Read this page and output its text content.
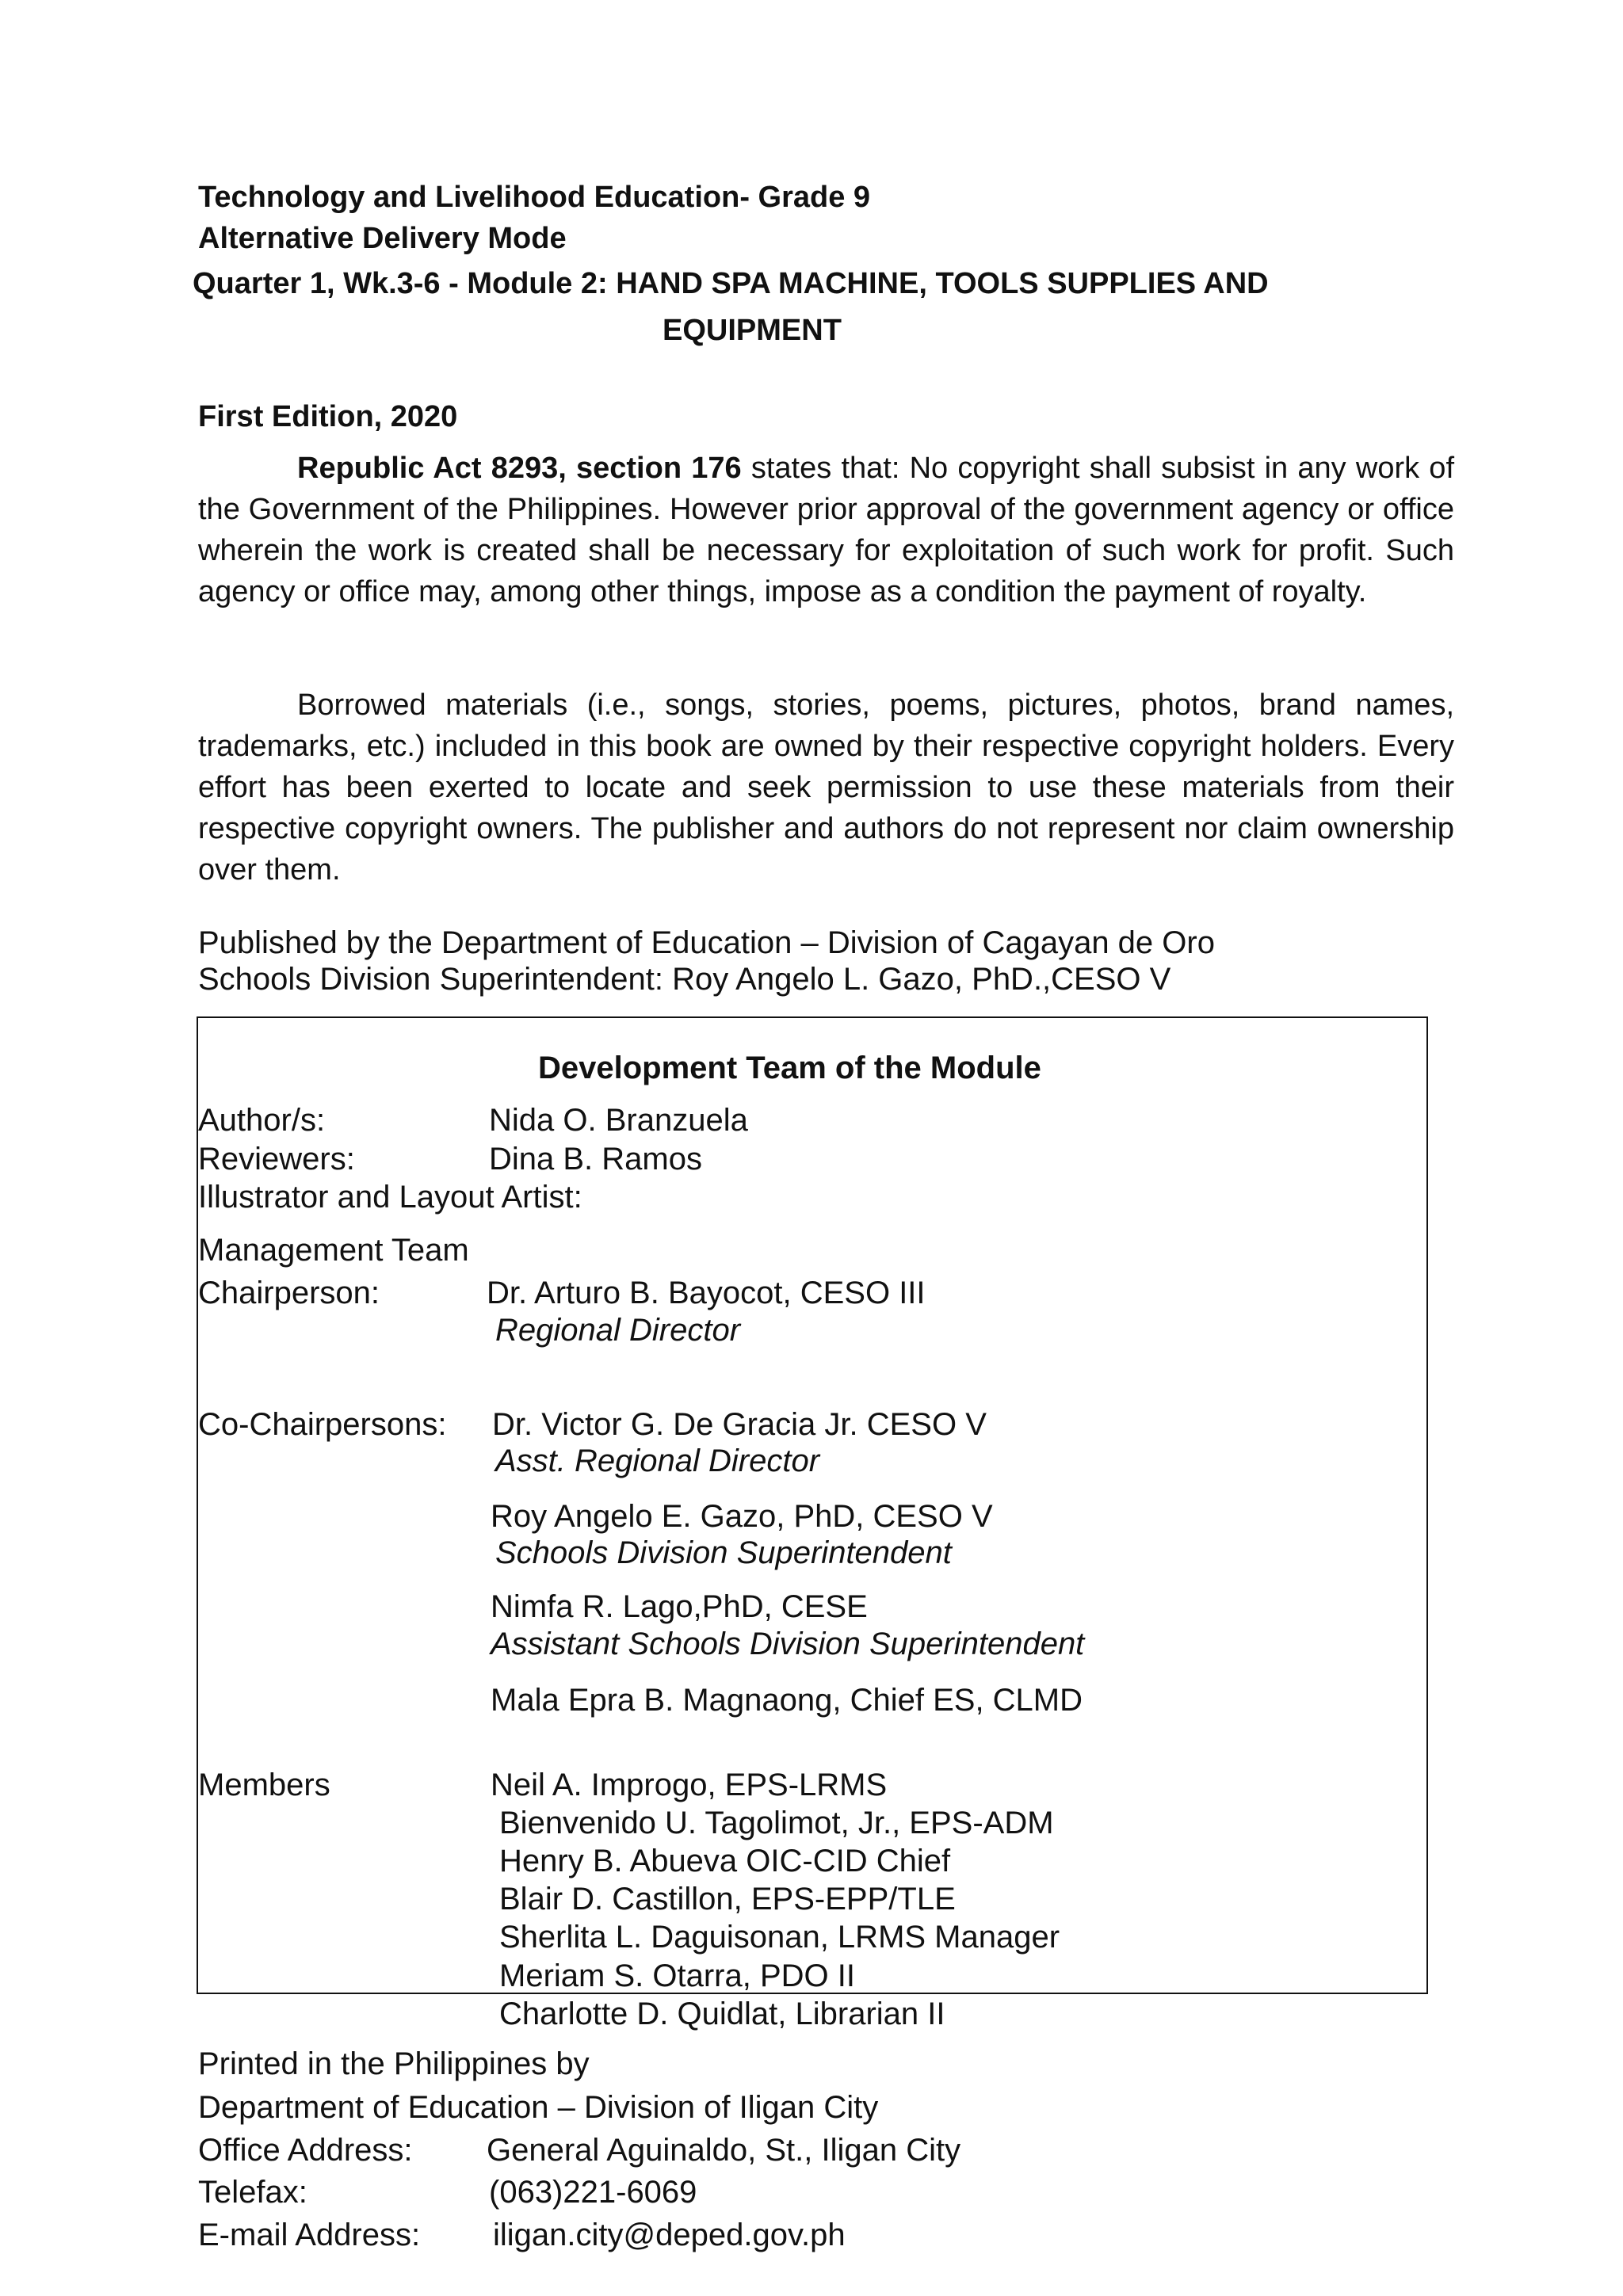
Technology and Livelihood Education- Grade 9
Alternative Delivery Mode
Quarter 1, Wk.3-6 - Module 2: HAND SPA MACHINE, TOOLS SUPPLIES AND
EQUIPMENT
First Edition, 2020
Republic Act 8293, section 176 states that: No copyright shall subsist in any work of the Government of the Philippines. However prior approval of the government agency or office wherein the work is created shall be necessary for exploitation of such work for profit. Such agency or office may, among other things, impose as a condition the payment of royalty.
Borrowed materials (i.e., songs, stories, poems, pictures, photos, brand names, trademarks, etc.) included in this book are owned by their respective copyright holders. Every effort has been exerted to locate and seek permission to use these materials from their respective copyright owners. The publisher and authors do not represent nor claim ownership over them.
Published by the Department of Education – Division of Cagayan de Oro
Schools Division Superintendent: Roy Angelo L. Gazo, PhD.,CESO V
Development Team of the Module
Author/s:	Nida O. Branzuela
Reviewers:	Dina B. Ramos
Illustrator and Layout Artist:
Management Team
Chairperson:	Dr. Arturo B. Bayocot, CESO III
Regional Director
Co-Chairpersons: Dr. Victor G. De Gracia Jr. CESO V
Asst. Regional Director
Roy Angelo E. Gazo, PhD, CESO V
Schools Division Superintendent
Nimfa R. Lago,PhD, CESE
Assistant Schools Division Superintendent
Mala Epra B. Magnaong, Chief ES, CLMD
Members	Neil A. Improgo, EPS-LRMS
Bienvenido U. Tagolimot, Jr., EPS-ADM
Henry B. Abueva OIC-CID Chief
Blair D. Castillon, EPS-EPP/TLE
Sherlita L. Daguisonan, LRMS Manager
Meriam S. Otarra, PDO II
Charlotte D. Quidlat, Librarian II
Printed in the Philippines by
Department of Education – Division of Iligan City
Office Address: General Aguinaldo, St., Iligan City
Telefax:	(063)221-6069
E-mail Address: iligan.city@deped.gov.ph
